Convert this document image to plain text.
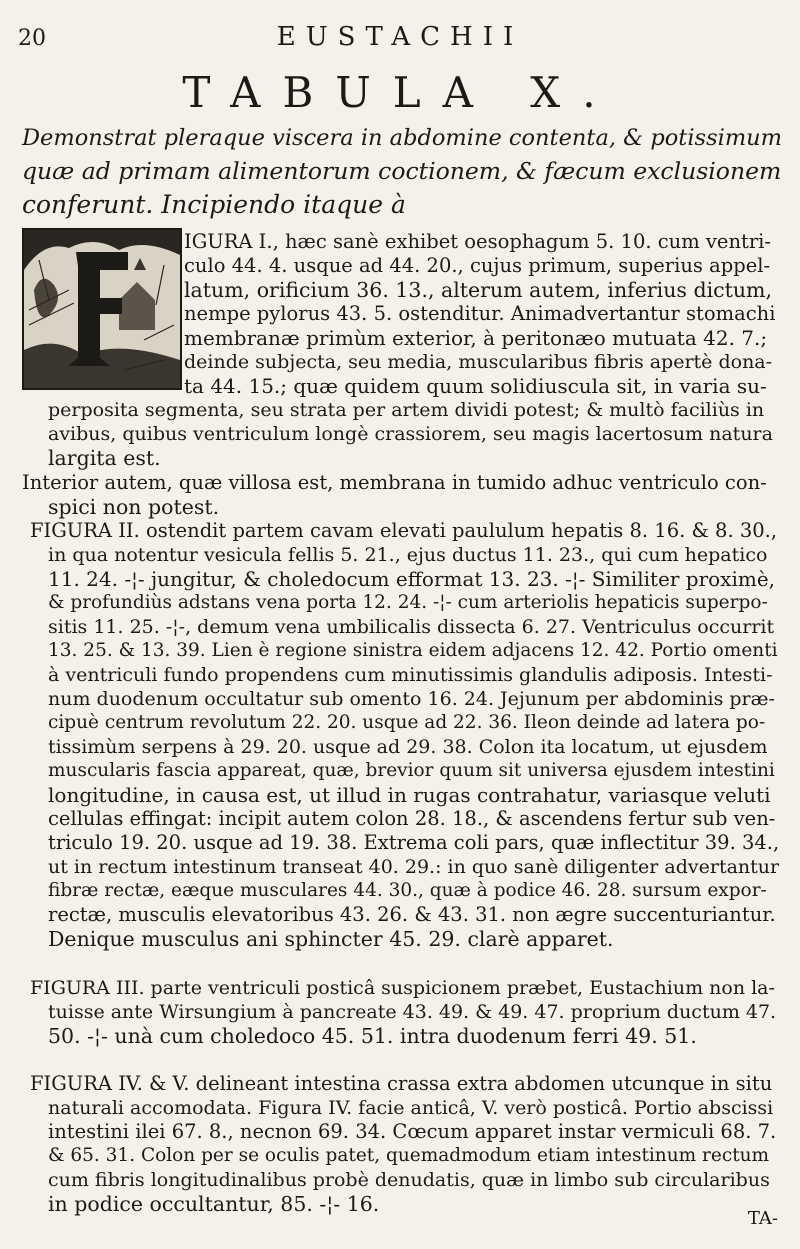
20	EUSTACHII
TABULA X.
Demonstrat pleraque viscera in abdomine contenta, & potissimum
quæ ad primam alimentorum coctionem, & fæcum exclusionem
conferunt. Incipiendo itaque à
IGURA I., hæc sanè exhibet oesophagum 5. 10. cum ventri-
culo 44. 4. usque ad 44. 20., cujus primum, superius appel-
latum, orificium 36. 13., alterum autem, inferius dictum,
nempe pylorus 43. 5. ostenditur. Animadvertantur stomachi
membranæ primùm exterior, à peritonæo mutuata 42. 7.;
deinde subjecta, seu media, muscularibus fibris apertè dona-
ta 44. 15.; quæ quidem quum solidiuscula sit, in varia su-
perposita segmenta, seu strata per artem dividi potest; & multò faciliùs in
avibus, quibus ventriculum longè crassiorem, seu magis lacertosum natura
largita est.
Interior autem, quæ villosa est, membrana in tumido adhuc ventriculo con-
spici non potest.
FIGURA II. ostendit partem cavam elevati paululum hepatis 8. 16. & 8. 30.,
in qua notentur vesicula fellis 5. 21., ejus ductus 11. 23., qui cum hepatico
11. 24. -¦- jungitur, & choledocum efformat 13. 23. -¦- Similiter proximè,
& profundiùs adstans vena porta 12. 24. -¦- cum arteriolis hepaticis superpo-
sitis 11. 25. -¦-, demum vena umbilicalis dissecta 6. 27. Ventriculus occurrit
13. 25. & 13. 39. Lien è regione sinistra eidem adjacens 12. 42. Portio omenti
à ventriculi fundo propendens cum minutissimis glandulis adiposis. Intesti-
num duodenum occultatur sub omento 16. 24. Jejunum per abdominis præ-
cipuè centrum revolutum 22. 20. usque ad 22. 36. Ileon deinde ad latera po-
tissimùm serpens à 29. 20. usque ad 29. 38. Colon ita locatum, ut ejusdem
muscularis fascia appareat, quæ, brevior quum sit universa ejusdem intestini
longitudine, in causa est, ut illud in rugas contrahatur, variasque veluti
cellulas effingat: incipit autem colon 28. 18., & ascendens fertur sub ven-
triculo 19. 20. usque ad 19. 38. Extrema coli pars, quæ inflectitur 39. 34.,
ut in rectum intestinum transeat 40. 29.: in quo sanè diligenter advertantur
fibræ rectæ, eæque musculares 44. 30., quæ à podice 46. 28. sursum expor-
rectæ, musculis elevatoribus 43. 26. & 43. 31. non ægre succenturiantur.
Denique musculus ani sphincter 45. 29. clarè apparet.
FIGURA III. parte ventriculi posticâ suspicionem præbet, Eustachium non la-
tuisse ante Wirsungium à pancreate 43. 49. & 49. 47. proprium ductum 47.
50. -¦- unà cum choledoco 45. 51. intra duodenum ferri 49. 51.
FIGURA IV. & V. delineant intestina crassa extra abdomen utcunque in situ
naturali accomodata. Figura IV. facie anticâ, V. verò posticâ. Portio abscissi
intestini ilei 67. 8., necnon 69. 34. Cœcum apparet instar vermiculi 68. 7.
& 65. 31. Colon per se oculis patet, quemadmodum etiam intestinum rectum
cum fibris longitudinalibus probè denudatis, quæ in limbo sub circularibus
in podice occultantur, 85. -¦- 16.
TA-
